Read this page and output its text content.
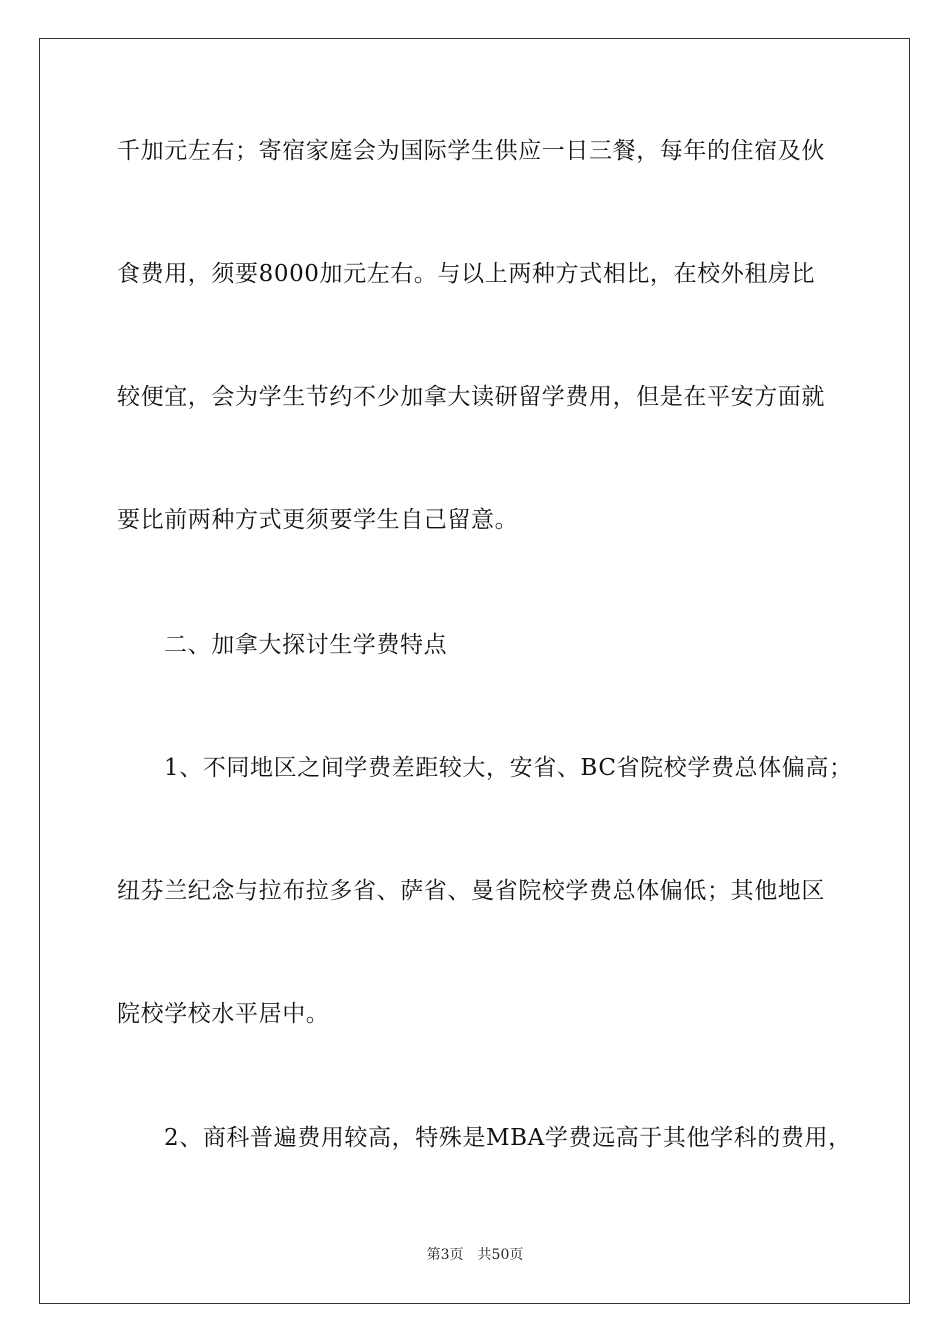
千加元左右；寄宿家庭会为国际学生供应一日三餐，每年的住宿及伙
食费用，须要8000加元左右。与以上两种方式相比，在校外租房比
较便宜，会为学生节约不少加拿大读研留学费用，但是在平安方面就
要比前两种方式更须要学生自己留意。
二、加拿大探讨生学费特点
1、不同地区之间学费差距较大，安省、BC省院校学费总体偏高；
纽芬兰纪念与拉布拉多省、萨省、曼省院校学费总体偏低；其他地区
院校学校水平居中。
2、商科普遍费用较高，特殊是MBA学费远高于其他学科的费用，
第3页 共50页
